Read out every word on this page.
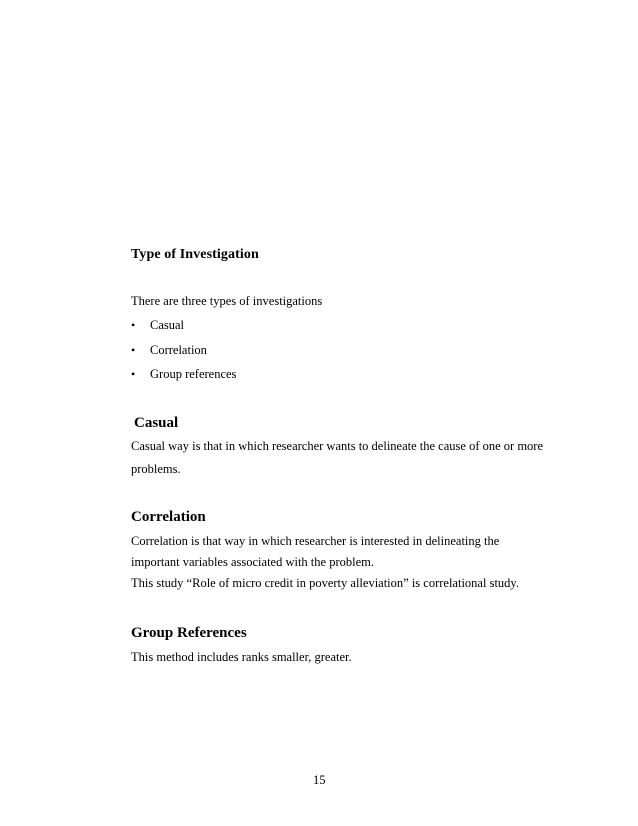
Type of Investigation
There are three types of investigations
• Casual
• Correlation
• Group references
Casual
Casual way is that in which researcher wants to delineate the cause of one or more
problems.
Correlation
Correlation is that way in which researcher is interested in delineating the
important variables associated with the problem.
This study “Role of micro credit in poverty alleviation” is correlational study.
Group References
This method includes ranks smaller, greater.
15
